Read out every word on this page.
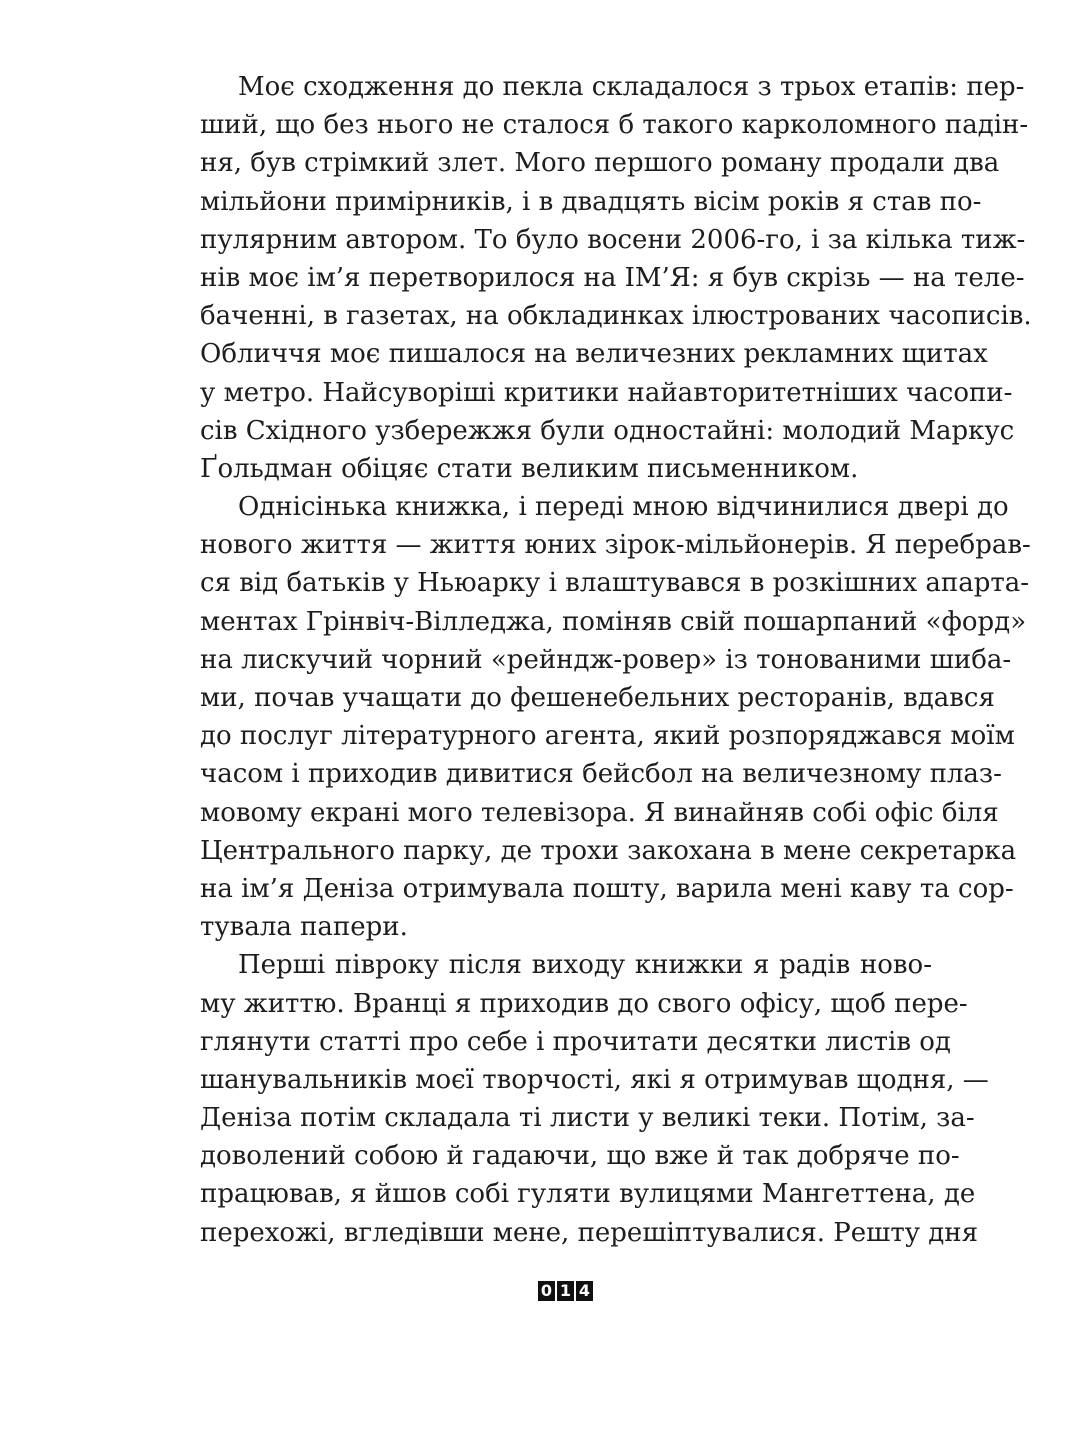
Моє сходження до пекла складалося з трьох етапів: пер-
ший, що без нього не сталося б такого карколомного падін-
ня, був стрімкий злет. Мого першого роману продали два
мільйони примірників, і в двадцять вісім років я став по-
пулярним автором. То було восени 2006-го, і за кілька тиж-
нів моє ім’я перетворилося на ІМ’Я: я був скрізь — на теле-
баченні, в газетах, на обкладинках ілюстрованих часописів.
Обличчя моє пишалося на величезних рекламних щитах
у метро. Найсуворіші критики найавторитетніших часопи-
сів Східного узбережжя були одностайні: молодий Маркус
Ґольдман обіцяє стати великим письменником.
Однісінька книжка, і переді мною відчинилися двері до
нового життя — життя юних зірок-мільйонерів. Я перебрав-
ся від батьків у Ньюарку і влаштувався в розкішних апарта-
ментах Грінвіч-Вілледжа, поміняв свій пошарпаний «форд»
на лискучий чорний «рейндж-ровер» із тонованими шиба-
ми, почав учащати до фешенебельних ресторанів, вдався
до послуг літературного агента, який розпоряджався моїм
часом і приходив дивитися бейсбол на величезному плаз-
мовому екрані мого телевізора. Я винайняв собі офіс біля
Центрального парку, де трохи закохана в мене секретарка
на ім’я Деніза отримувала пошту, варила мені каву та сор-
тувала папери.
Перші півроку після виходу книжки я радів ново-
му життю. Вранці я приходив до свого офісу, щоб пере-
глянути статті про себе і прочитати десятки листів од
шанувальників моєї творчості, які я отримував щодня, —
Деніза потім складала ті листи у великі теки. Потім, за-
доволений собою й гадаючи, що вже й так добряче по-
працював, я йшов собі гуляти вулицями Мангеттена, де
перехожі, вгледівши мене, перешіптувалися. Решту дня
0 1 4
